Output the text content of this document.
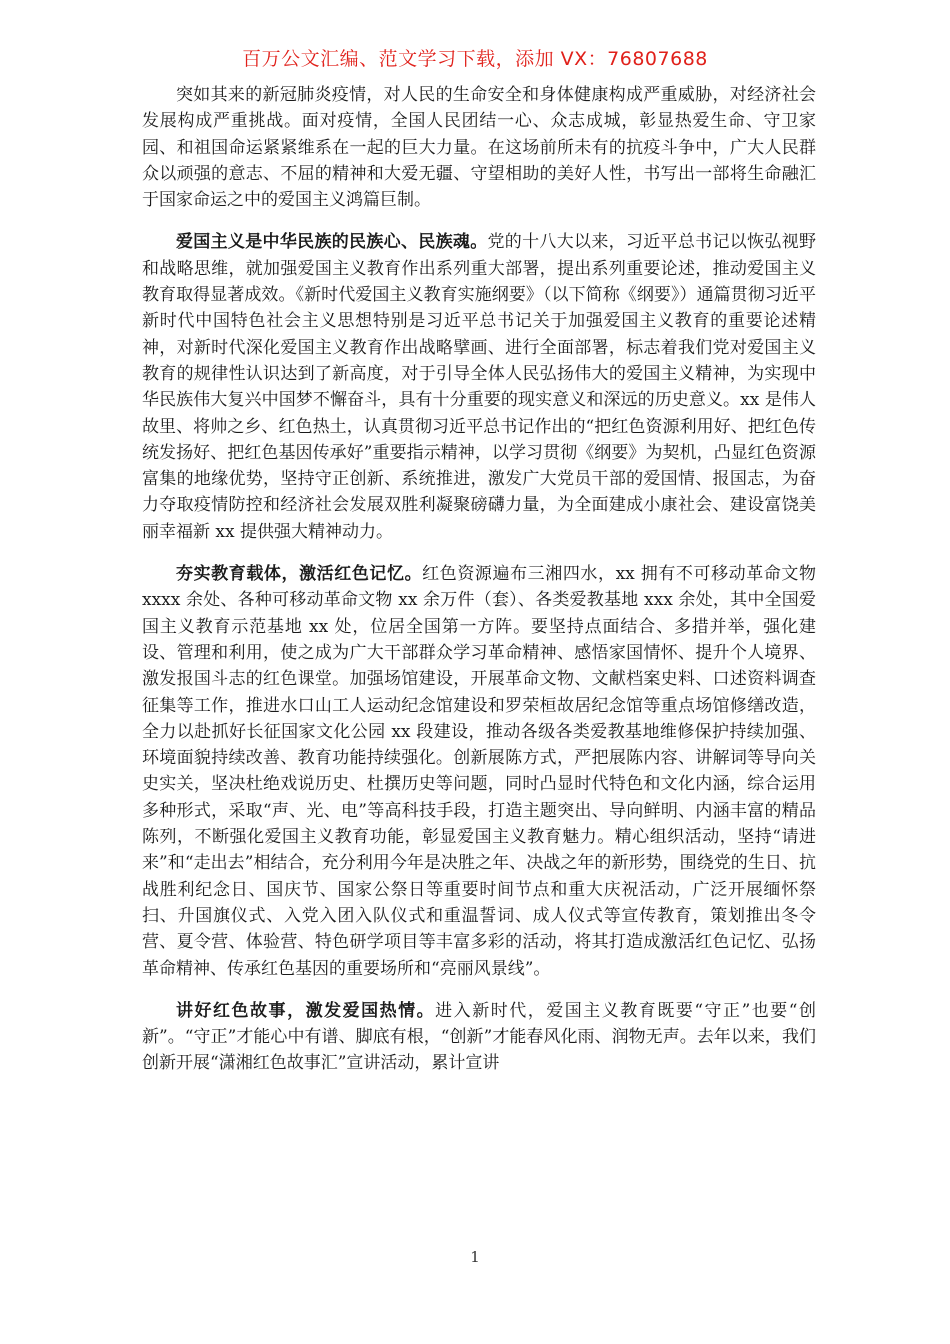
百万公文汇编、范文学习下载，添加 VX：76807688

突如其来的新冠肺炎疫情，对人民的生命安全和身体健康构成严重威胁，对经济社会发展构成严重挑战。面对疫情，全国人民团结一心、众志成城，彰显热爱生命、守卫家园、和祖国命运紧紧维系在一起的巨大力量。在这场前所未有的抗疫斗争中，广大人民群众以顽强的意志、不屈的精神和大爱无疆、守望相助的美好人性，书写出一部将生命融汇于国家命运之中的爱国主义鸿篇巨制。

爱国主义是中华民族的民族心、民族魂。党的十八大以来，习近平总书记以恢弘视野和战略思维，就加强爱国主义教育作出系列重大部署，提出系列重要论述，推动爱国主义教育取得显著成效。《新时代爱国主义教育实施纲要》（以下简称《纲要》）通篇贯彻习近平新时代中国特色社会主义思想特别是习近平总书记关于加强爱国主义教育的重要论述精神，对新时代深化爱国主义教育作出战略擘画、进行全面部署，标志着我们党对爱国主义教育的规律性认识达到了新高度，对于引导全体人民弘扬伟大的爱国主义精神，为实现中华民族伟大复兴中国梦不懈奋斗，具有十分重要的现实意义和深远的历史意义。xx 是伟人故里、将帅之乡、红色热土，认真贯彻习近平总书记作出的“把红色资源利用好、把红色传统发扬好、把红色基因传承好”重要指示精神，以学习贯彻《纲要》为契机，凸显红色资源富集的地缘优势，坚持守正创新、系统推进，激发广大党员干部的爱国情、报国志，为奋力夺取疫情防控和经济社会发展双胜利凝聚磅礴力量，为全面建成小康社会、建设富饶美丽幸福新 xx 提供强大精神动力。

夯实教育载体，激活红色记忆。红色资源遍布三湘四水，xx 拥有不可移动革命文物 xxxx 余处、各种可移动革命文物 xx 余万件（套）、各类爱教基地 xxx 余处，其中全国爱国主义教育示范基地 xx 处，位居全国第一方阵。要坚持点面结合、多措并举，强化建设、管理和利用，使之成为广大干部群众学习革命精神、感悟家国情怀、提升个人境界、激发报国斗志的红色课堂。加强场馆建设，开展革命文物、文献档案史料、口述资料调查征集等工作，推进水口山工人运动纪念馆建设和罗荣桓故居纪念馆等重点场馆修缮改造，全力以赴抓好长征国家文化公园 xx 段建设，推动各级各类爱教基地维修保护持续加强、环境面貌持续改善、教育功能持续强化。创新展陈方式，严把展陈内容、讲解词等导向关史实关，坚决杜绝戏说历史、杜撰历史等问题，同时凸显时代特色和文化内涵，综合运用多种形式，采取“声、光、电”等高科技手段，打造主题突出、导向鲜明、内涵丰富的精品陈列，不断强化爱国主义教育功能，彰显爱国主义教育魅力。精心组织活动，坚持“请进来”和“走出去”相结合，充分利用今年是决胜之年、决战之年的新形势，围绕党的生日、抗战胜利纪念日、国庆节、国家公祭日等重要时间节点和重大庆祝活动，广泛开展缅怀祭扫、升国旗仪式、入党入团入队仪式和重温誓词、成人仪式等宣传教育，策划推出冬令营、夏令营、体验营、特色研学项目等丰富多彩的活动，将其打造成激活红色记忆、弘扬革命精神、传承红色基因的重要场所和“亮丽风景线”。

讲好红色故事，激发爱国热情。进入新时代，爱国主义教育既要“守正”也要“创新”。“守正”才能心中有谱、脚底有根，“创新”才能春风化雨、润物无声。去年以来，我们创新开展“潇湘红色故事汇”宣讲活动，累计宣讲

1
